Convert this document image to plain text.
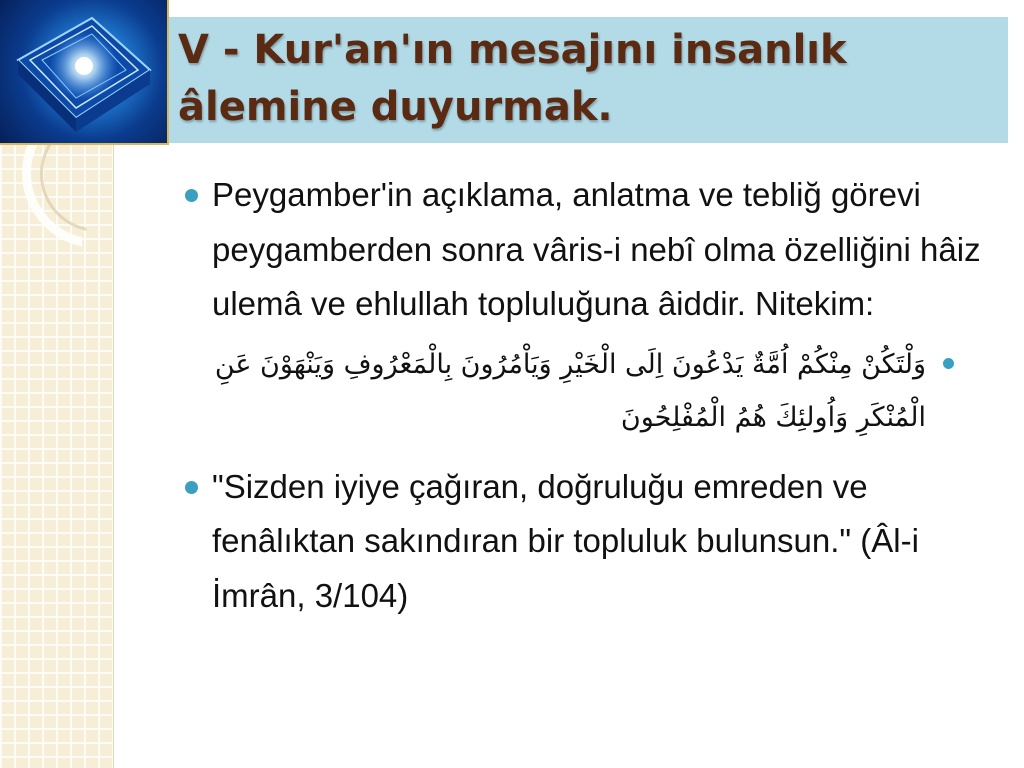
V - Kur'an'ın mesajını insanlık âlemine duyurmak.

Peygamber'in açıklama, anlatma ve tebliğ görevi peygamberden sonra vâris-i nebî olma özelliğini hâiz ulemâ ve ehlullah topluluğuna âiddir. Nitekim:

وَلْتَكُنْ مِنْكُمْ اُمَّةٌ يَدْعُونَ اِلَى الْخَيْرِ وَيَاْمُرُونَ بِالْمَعْرُوفِ وَيَنْهَوْنَ عَنِ الْمُنْكَرِ وَاُولئِكَ هُمُ الْمُفْلِحُونَ

"Sizden iyiye çağıran, doğruluğu emreden ve fenâlıktan sakındıran bir topluluk bulunsun." (Âl-i İmrân, 3/104)
